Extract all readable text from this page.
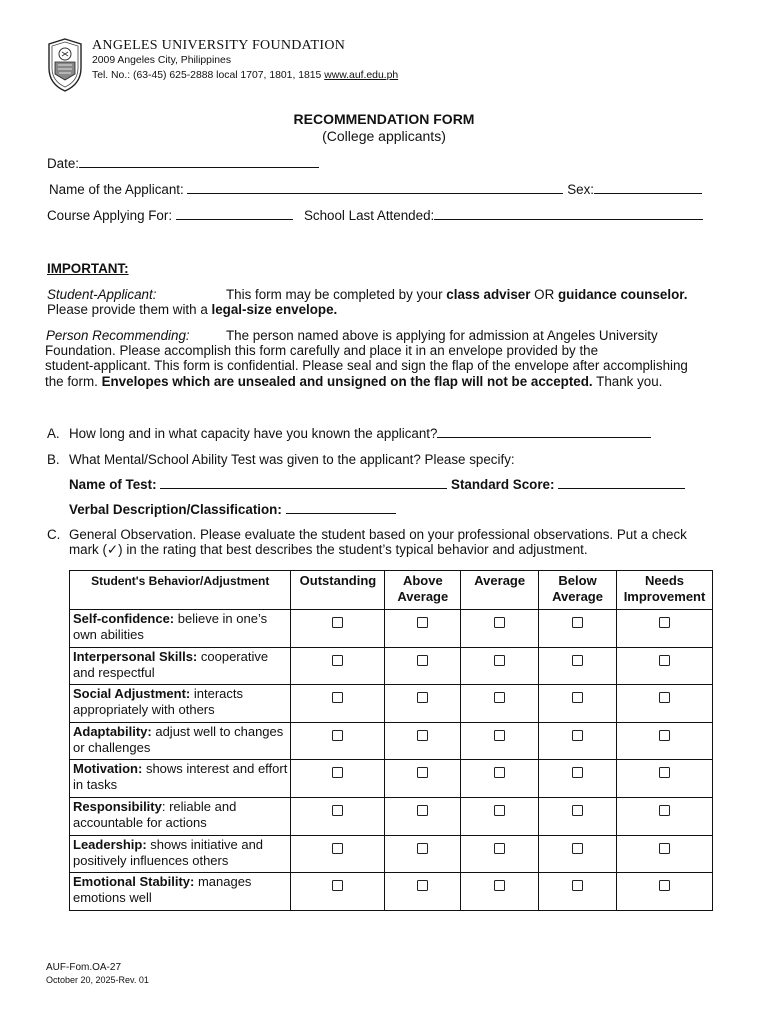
ANGELES UNIVERSITY FOUNDATION
2009 Angeles City, Philippines
Tel. No.: (63-45) 625-2888 local 1707, 1801, 1815 www.auf.edu.ph
RECOMMENDATION FORM
(College applicants)
Date:
Name of the Applicant:	Sex:
Course Applying For:	School Last Attended:
IMPORTANT:
Student-Applicant:	This form may be completed by your class adviser OR guidance counselor.
Please provide them with a legal-size envelope.
Person Recommending:	The person named above is applying for admission at Angeles University
Foundation. Please accomplish this form carefully and place it in an envelope provided by the
student-applicant. This form is confidential. Please seal and sign the flap of the envelope after accomplishing
the form. Envelopes which are unsealed and unsigned on the flap will not be accepted. Thank you.
A. How long and in what capacity have you known the applicant?
B. What Mental/School Ability Test was given to the applicant? Please specify:
Name of Test:	Standard Score:
Verbal Description/Classification:
C. General Observation. Please evaluate the student based on your professional observations. Put a check
mark (✓) in the rating that best describes the student’s typical behavior and adjustment.
Student's Behavior/Adjustment	Outstanding	Above Average	Average	Below Average	Needs Improvement
Self-confidence: believe in one’s own abilities					
Interpersonal Skills: cooperative and respectful					
Social Adjustment: interacts appropriately with others					
Adaptability: adjust well to changes or challenges					
Motivation: shows interest and effort in tasks					
Responsibility: reliable and accountable for actions					
Leadership: shows initiative and positively influences others					
Emotional Stability: manages emotions well					
AUF-Fom.OA-27
October 20, 2025-Rev. 01
